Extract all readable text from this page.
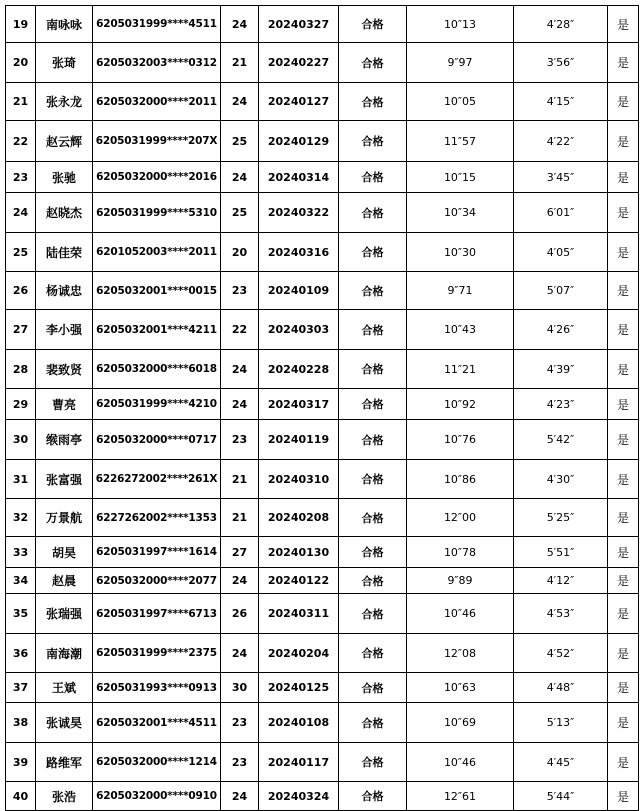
19	南咏咏	6205031999****4511	24	20240327	合格	10″13	4′28″	是
20	张琦	6205032003****0312	21	20240227	合格	9″97	3′56″	是
21	张永龙	6205032000****2011	24	20240127	合格	10″05	4′15″	是
22	赵云辉	6205031999****207X	25	20240129	合格	11″57	4′22″	是
23	张驰	6205032000****2016	24	20240314	合格	10″15	3′45″	是
24	赵晓杰	6205031999****5310	25	20240322	合格	10″34	6′01″	是
25	陆佳荣	6201052003****2011	20	20240316	合格	10″30	4′05″	是
26	杨诚忠	6205032001****0015	23	20240109	合格	9″71	5′07″	是
27	李小强	6205032001****4211	22	20240303	合格	10″43	4′26″	是
28	裴致贤	6205032000****6018	24	20240228	合格	11″21	4′39″	是
29	曹亮	6205031999****4210	24	20240317	合格	10″92	4′23″	是
30	缑雨亭	6205032000****0717	23	20240119	合格	10″76	5′42″	是
31	张富强	6226272002****261X	21	20240310	合格	10″86	4′30″	是
32	万景航	6227262002****1353	21	20240208	合格	12″00	5′25″	是
33	胡昊	6205031997****1614	27	20240130	合格	10″78	5′51″	是
34	赵晨	6205032000****2077	24	20240122	合格	9″89	4′12″	是
35	张瑞强	6205031997****6713	26	20240311	合格	10″46	4′53″	是
36	南海潮	6205031999****2375	24	20240204	合格	12″08	4′52″	是
37	王斌	6205031993****0913	30	20240125	合格	10″63	4′48″	是
38	张诚昊	6205032001****4511	23	20240108	合格	10″69	5′13″	是
39	路维军	6205032000****1214	23	20240117	合格	10″46	4′45″	是
40	张浩	6205032000****0910	24	20240324	合格	12″61	5′44″	是
